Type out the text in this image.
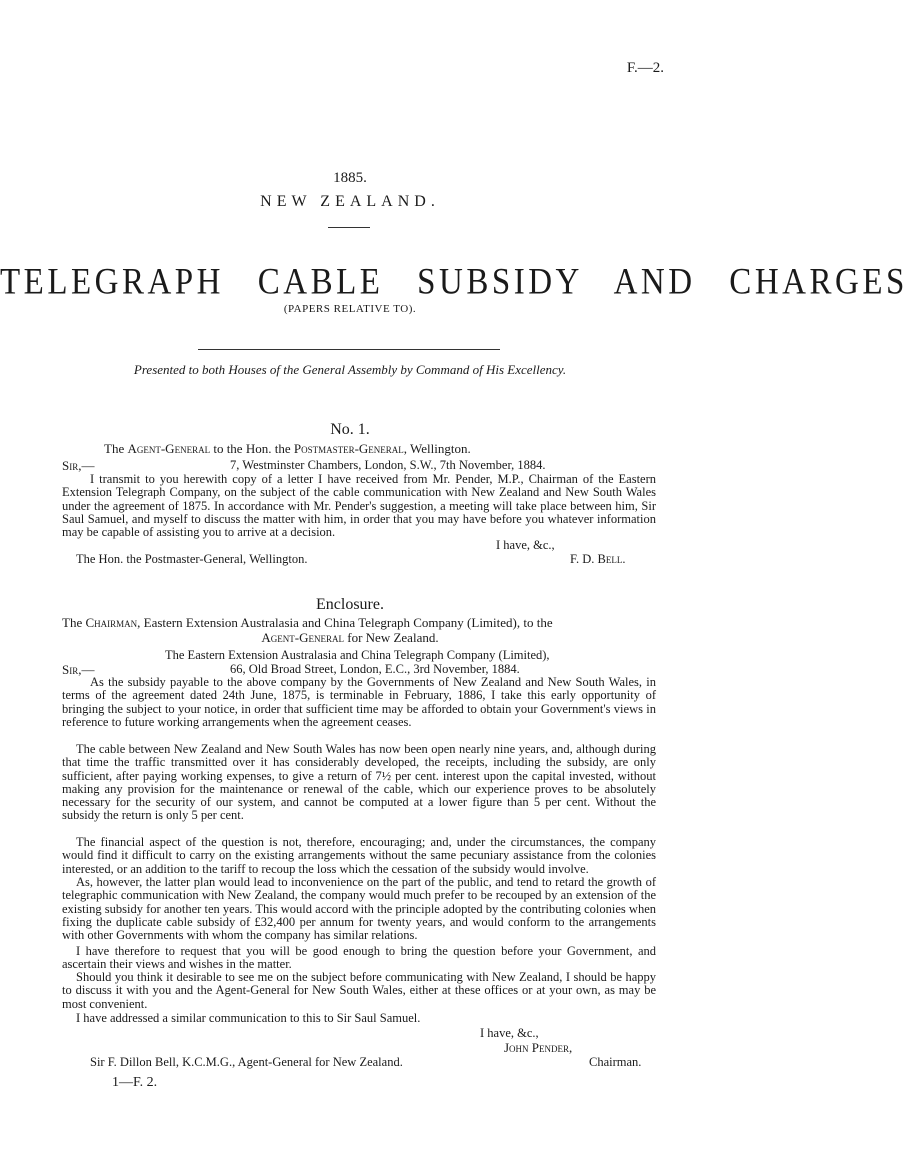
F.—2.
1885.
NEW ZEALAND.
TELEGRAPH CABLE SUBSIDY AND CHARGES
(PAPERS RELATIVE TO).
Presented to both Houses of the General Assembly by Command of His Excellency.
No. 1.
The Agent-General to the Hon. the Postmaster-General, Wellington.
Sir,—	7, Westminster Chambers, London, S.W., 7th November, 1884.
I transmit to you herewith copy of a letter I have received from Mr. Pender, M.P., Chairman of the Eastern Extension Telegraph Company, on the subject of the cable communication with New Zealand and New South Wales under the agreement of 1875. In accordance with Mr. Pender's suggestion, a meeting will take place between him, Sir Saul Samuel, and myself to discuss the matter with him, in order that you may have before you whatever information may be capable of assisting you to arrive at a decision.
I have, &c.,
The Hon. the Postmaster-General, Wellington.	F. D. Bell.
Enclosure.
The Chairman, Eastern Extension Australasia and China Telegraph Company (Limited), to the
Agent-General for New Zealand.
The Eastern Extension Australasia and China Telegraph Company (Limited),
Sir,—	66, Old Broad Street, London, E.C., 3rd November, 1884.
As the subsidy payable to the above company by the Governments of New Zealand and New South Wales, in terms of the agreement dated 24th June, 1875, is terminable in February, 1886, I take this early opportunity of bringing the subject to your notice, in order that sufficient time may be afforded to obtain your Government's views in reference to future working arrangements when the agreement ceases.
The cable between New Zealand and New South Wales has now been open nearly nine years, and, although during that time the traffic transmitted over it has considerably developed, the receipts, including the subsidy, are only sufficient, after paying working expenses, to give a return of 7½ per cent. interest upon the capital invested, without making any provision for the maintenance or renewal of the cable, which our experience proves to be absolutely necessary for the security of our system, and cannot be computed at a lower figure than 5 per cent. Without the subsidy the return is only 5 per cent.
The financial aspect of the question is not, therefore, encouraging; and, under the circumstances, the company would find it difficult to carry on the existing arrangements without the same pecuniary assistance from the colonies interested, or an addition to the tariff to recoup the loss which the cessation of the subsidy would involve.
As, however, the latter plan would lead to inconvenience on the part of the public, and tend to retard the growth of telegraphic communication with New Zealand, the company would much prefer to be recouped by an extension of the existing subsidy for another ten years. This would accord with the principle adopted by the contributing colonies when fixing the duplicate cable subsidy of £32,400 per annum for twenty years, and would conform to the arrangements with other Governments with whom the company has similar relations.
I have therefore to request that you will be good enough to bring the question before your Government, and ascertain their views and wishes in the matter.
Should you think it desirable to see me on the subject before communicating with New Zealand, I should be happy to discuss it with you and the Agent-General for New South Wales, either at these offices or at your own, as may be most convenient.
I have addressed a similar communication to this to Sir Saul Samuel.
I have, &c.,
John Pender,
Sir F. Dillon Bell, K.C.M.G., Agent-General for New Zealand.	Chairman.
1—F. 2.
